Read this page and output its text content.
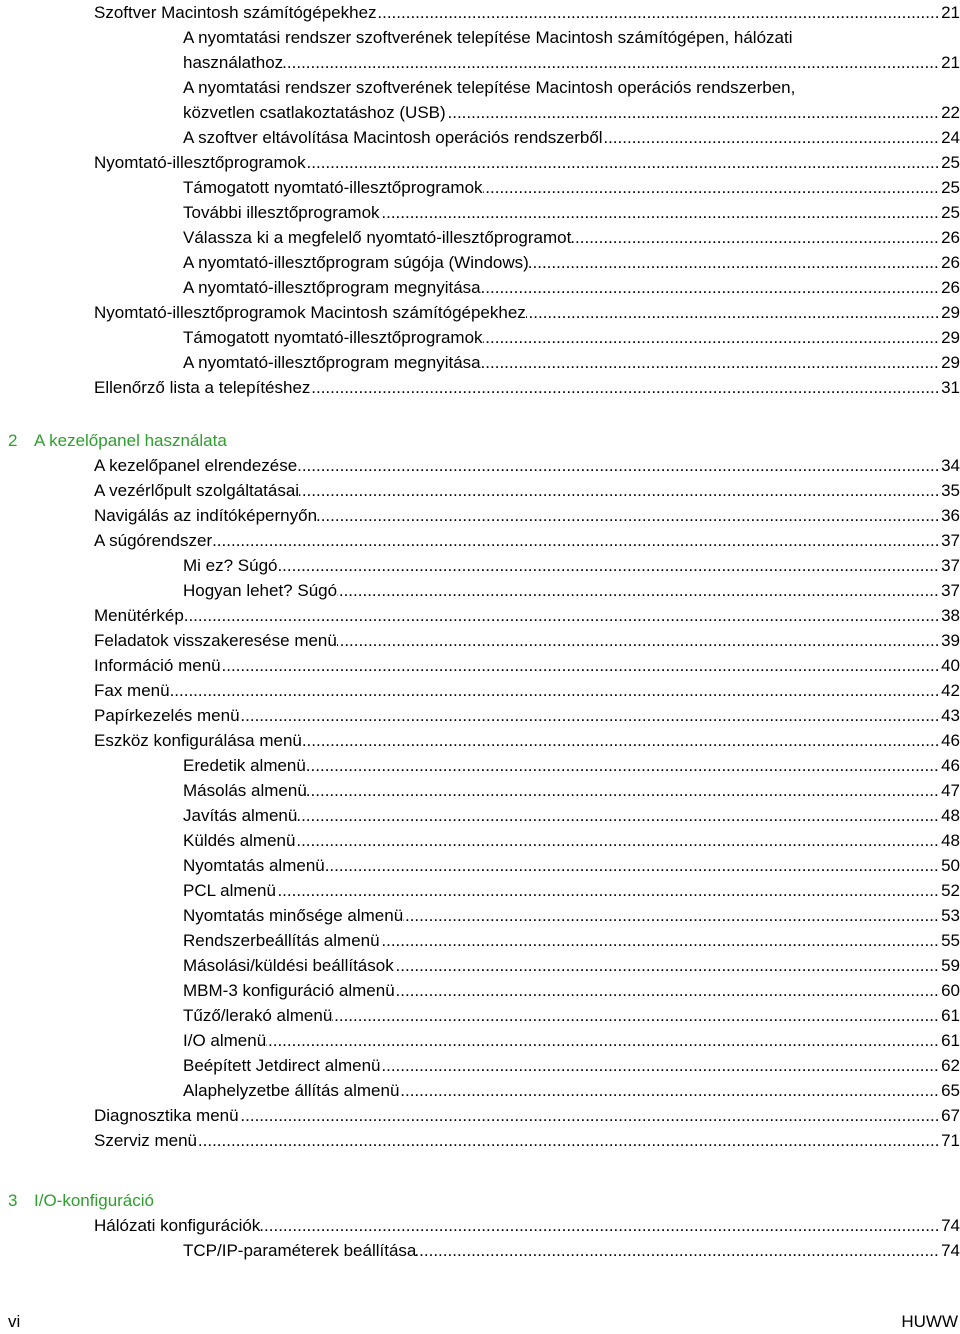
.....
Szoftver Macintosh számítógépekhez	21
A nyomtatási rendszer szoftverének telepítése Macintosh számítógépen, hálózati
.....
használathoz	21
A nyomtatási rendszer szoftverének telepítése Macintosh operációs rendszerben,
.....
közvetlen csatlakoztatáshoz (USB)	22
.....
A szoftver eltávolítása Macintosh operációs rendszerből	24
.....
Nyomtató-illesztőprogramok	25
.....
Támogatott nyomtató-illesztőprogramok	25
.....
További illesztőprogramok	25
.....
Válassza ki a megfelelő nyomtató-illesztőprogramot	26
.....
A nyomtató-illesztőprogram súgója (Windows)	26
.....
A nyomtató-illesztőprogram megnyitása	26
.....
Nyomtató-illesztőprogramok Macintosh számítógépekhez	29
.....
Támogatott nyomtató-illesztőprogramok	29
.....
A nyomtató-illesztőprogram megnyitása	29
.....
Ellenőrző lista a telepítéshez	31
2 A kezelőpanel használata
.....
A kezelőpanel elrendezése	34
.....
A vezérlőpult szolgáltatásai	35
.....
Navigálás az indítóképernyőn	36
.....
A súgórendszer	37
.....
Mi ez? Súgó	37
.....
Hogyan lehet? Súgó	37
.....
Menütérkép	38
.....
Feladatok visszakeresése menü	39
.....
Információ menü	40
.....
Fax menü	42
.....
Papírkezelés menü	43
.....
Eszköz konfigurálása menü	46
.....
Eredetik almenü	46
.....
Másolás almenü	47
.....
Javítás almenü	48
.....
Küldés almenü	48
.....
Nyomtatás almenü	50
.....
PCL almenü	52
.....
Nyomtatás minősége almenü	53
.....
Rendszerbeállítás almenü	55
.....
Másolási/küldési beállítások	59
.....
MBM-3 konfiguráció almenü	60
.....
Tűző/lerakó almenü	61
.....
I/O almenü	61
.....
Beépített Jetdirect almenü	62
.....
Alaphelyzetbe állítás almenü	65
.....
Diagnosztika menü	67
.....
Szerviz menü	71
3 I/O-konfiguráció
.....
Hálózati konfigurációk	74
.....
TCP/IP-paraméterek beállítása	74
vi	HUWW
